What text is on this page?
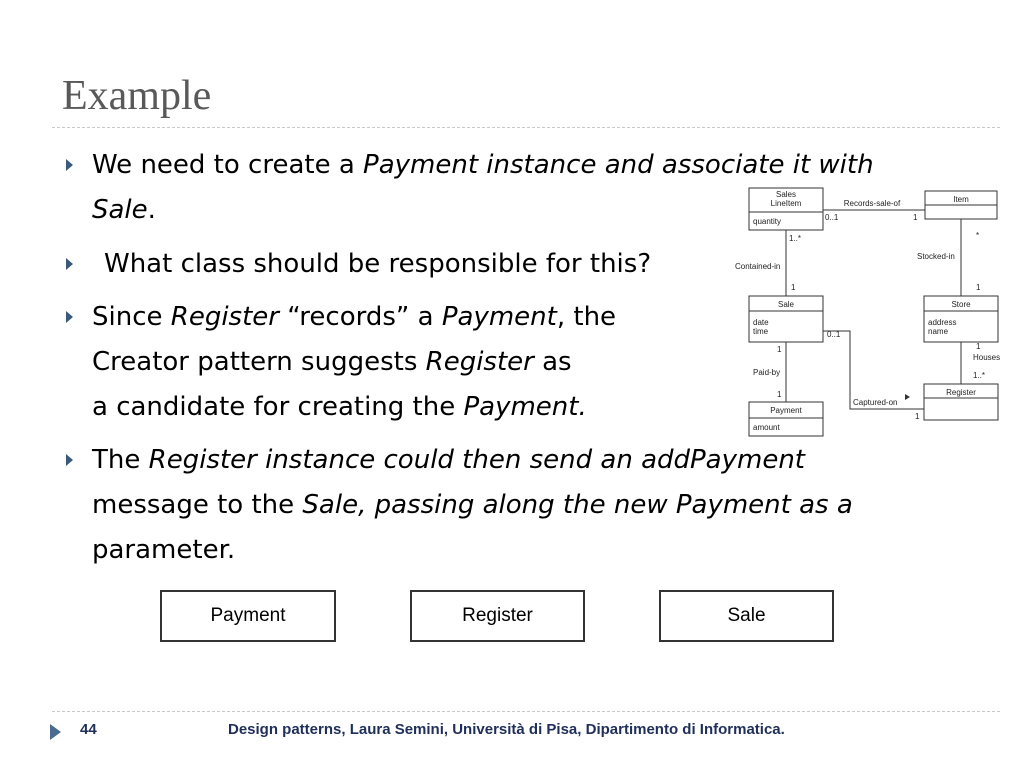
Example
We need to create a Payment instance and associate it with
Sale.
What class should be responsible for this?
Since Register “records” a Payment, the
Creator pattern suggests Register as
a candidate for creating the Payment.
The Register instance could then send an addPayment
message to the Sale, passing along the new Payment as a
parameter.
Sales
LineItem
quantity
Item
Records-sale-of
0..1	1
1..*	*
Contained-in
Stocked-in
1	1
Sale	Store
date
time
address
name
0..1
1	1
Houses
1..*
Paid-by
1	Register
Captured-on
1
Payment
amount
Payment	Register	Sale
44	Design patterns, Laura Semini, Università di Pisa, Dipartimento di Informatica.
